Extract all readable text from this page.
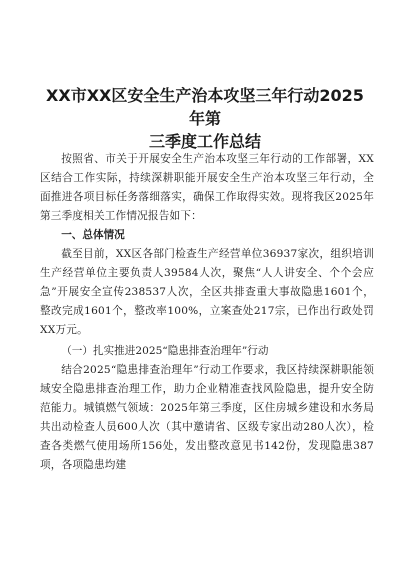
XX市XX区安全生产治本攻坚三年行动2025年第
三季度工作总结

按照省、市关于开展安全生产治本攻坚三年行动的工作部署，XX区结合工作实际，持续深耕职能开展安全生产治本攻坚三年行动，全面推进各项目标任务落细落实，确保工作取得实效。现将我区2025年第三季度相关工作情况报告如下：

一、总体情况

截至目前，XX区各部门检查生产经营单位36937家次，组织培训生产经营单位主要负责人39584人次，聚焦“人人讲安全、个个会应急”开展安全宣传238537人次，全区共排查重大事故隐患1601个，整改完成1601个，整改率100%，立案查处217宗，已作出行政处罚XX万元。

（一）扎实推进2025“隐患排查治理年”行动

结合2025“隐患排查治理年”行动工作要求，我区持续深耕职能领域安全隐患排查治理工作，助力企业精准查找风险隐患，提升安全防范能力。城镇燃气领域：2025年第三季度，区住房城乡建设和水务局共出动检查人员600人次（其中邀请省、区级专家出动280人次），检查各类燃气使用场所156处，发出整改意见书142份，发现隐患387项，各项隐患均建
